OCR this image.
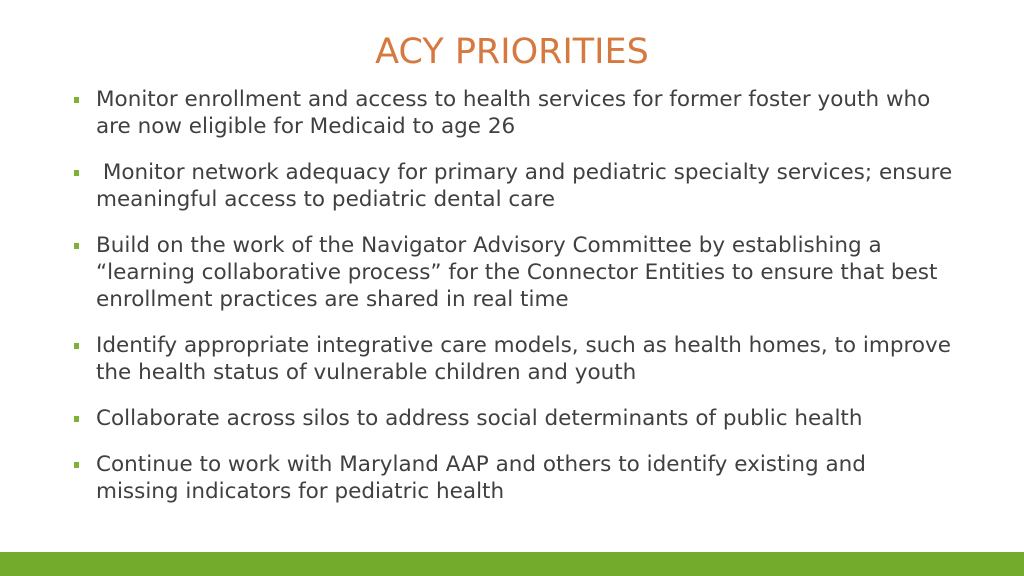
ACY PRIORITIES
Monitor enrollment and access to health services for former foster youth who are now eligible for Medicaid to age 26
Monitor network adequacy for primary and pediatric specialty services; ensure meaningful access to pediatric dental care
Build on the work of the Navigator Advisory Committee by establishing a “learning collaborative process” for the Connector Entities to ensure that best enrollment practices are shared in real time
Identify appropriate integrative care models, such as health homes, to improve the health status of vulnerable children and youth
Collaborate across silos to address social determinants of public health
Continue to work with Maryland AAP and others to identify existing and missing indicators for pediatric health
